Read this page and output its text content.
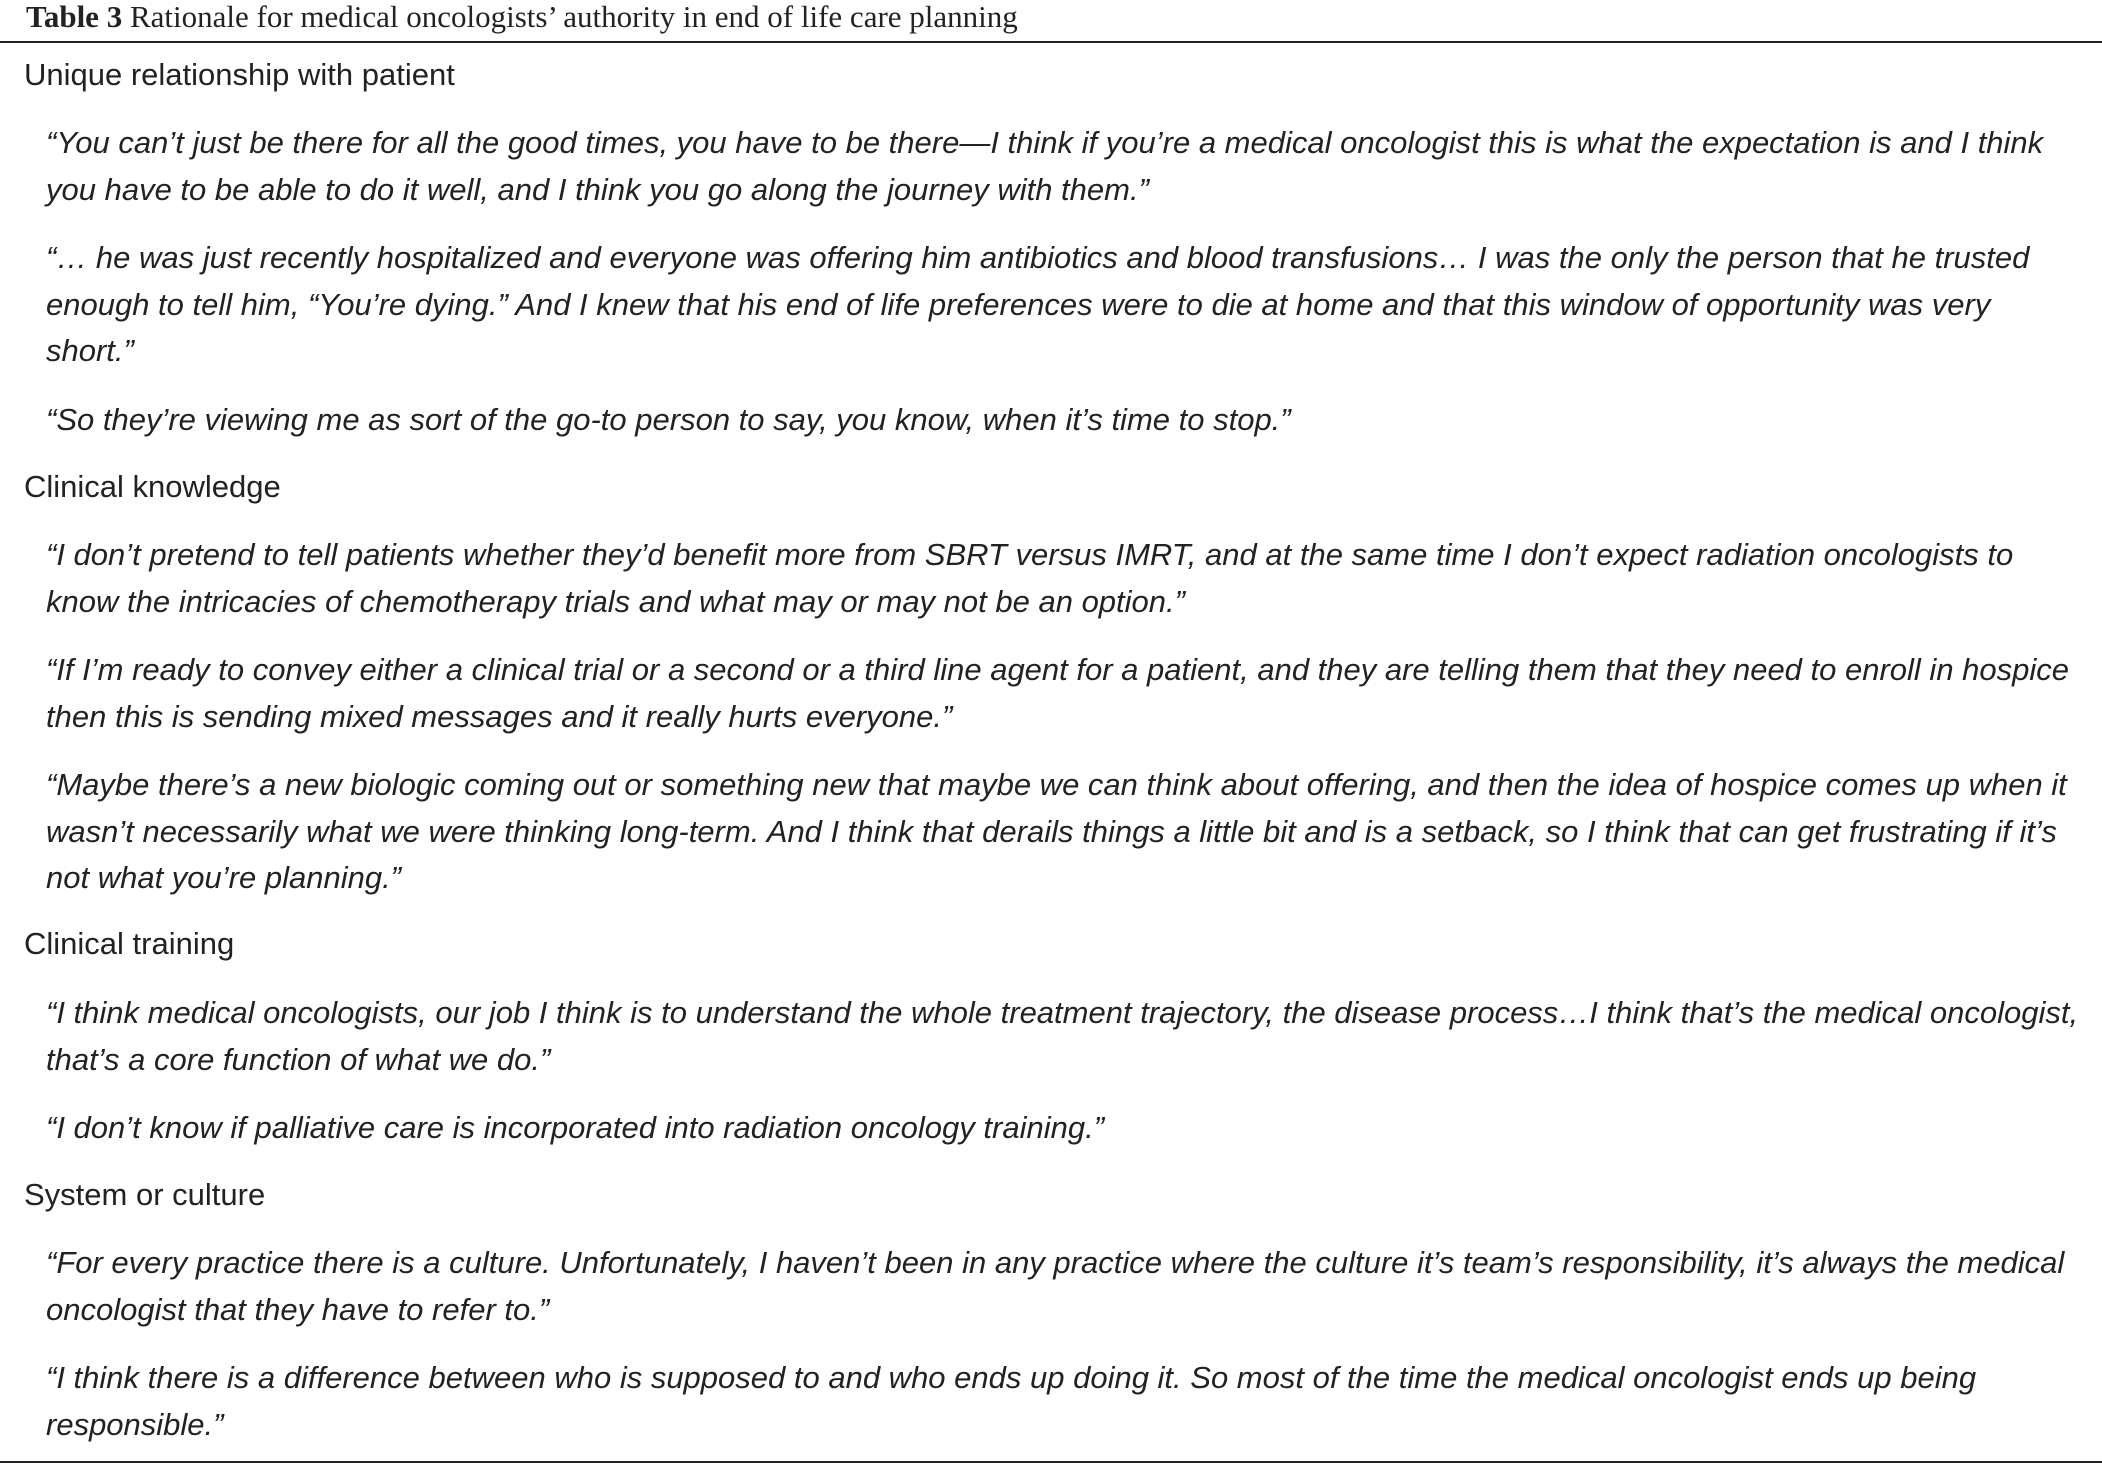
Table 3 Rationale for medical oncologists’ authority in end of life care planning
Unique relationship with patient
“You can’t just be there for all the good times, you have to be there—I think if you’re a medical oncologist this is what the expectation is and I think you have to be able to do it well, and I think you go along the journey with them.”
“… he was just recently hospitalized and everyone was offering him antibiotics and blood transfusions… I was the only the person that he trusted enough to tell him, “You’re dying.” And I knew that his end of life preferences were to die at home and that this window of opportunity was very short.”
“So they’re viewing me as sort of the go-to person to say, you know, when it’s time to stop.”
Clinical knowledge
“I don’t pretend to tell patients whether they’d benefit more from SBRT versus IMRT, and at the same time I don’t expect radiation oncologists to know the intricacies of chemotherapy trials and what may or may not be an option.”
“If I’m ready to convey either a clinical trial or a second or a third line agent for a patient, and they are telling them that they need to enroll in hospice then this is sending mixed messages and it really hurts everyone.”
“Maybe there’s a new biologic coming out or something new that maybe we can think about offering, and then the idea of hospice comes up when it wasn’t necessarily what we were thinking long-term. And I think that derails things a little bit and is a setback, so I think that can get frustrating if it’s not what you’re planning.”
Clinical training
“I think medical oncologists, our job I think is to understand the whole treatment trajectory, the disease process…I think that’s the medical oncologist, that’s a core function of what we do.”
“I don’t know if palliative care is incorporated into radiation oncology training.”
System or culture
“For every practice there is a culture. Unfortunately, I haven’t been in any practice where the culture it’s team’s responsibility, it’s always the medical oncologist that they have to refer to.”
“I think there is a difference between who is supposed to and who ends up doing it. So most of the time the medical oncologist ends up being responsible.”
